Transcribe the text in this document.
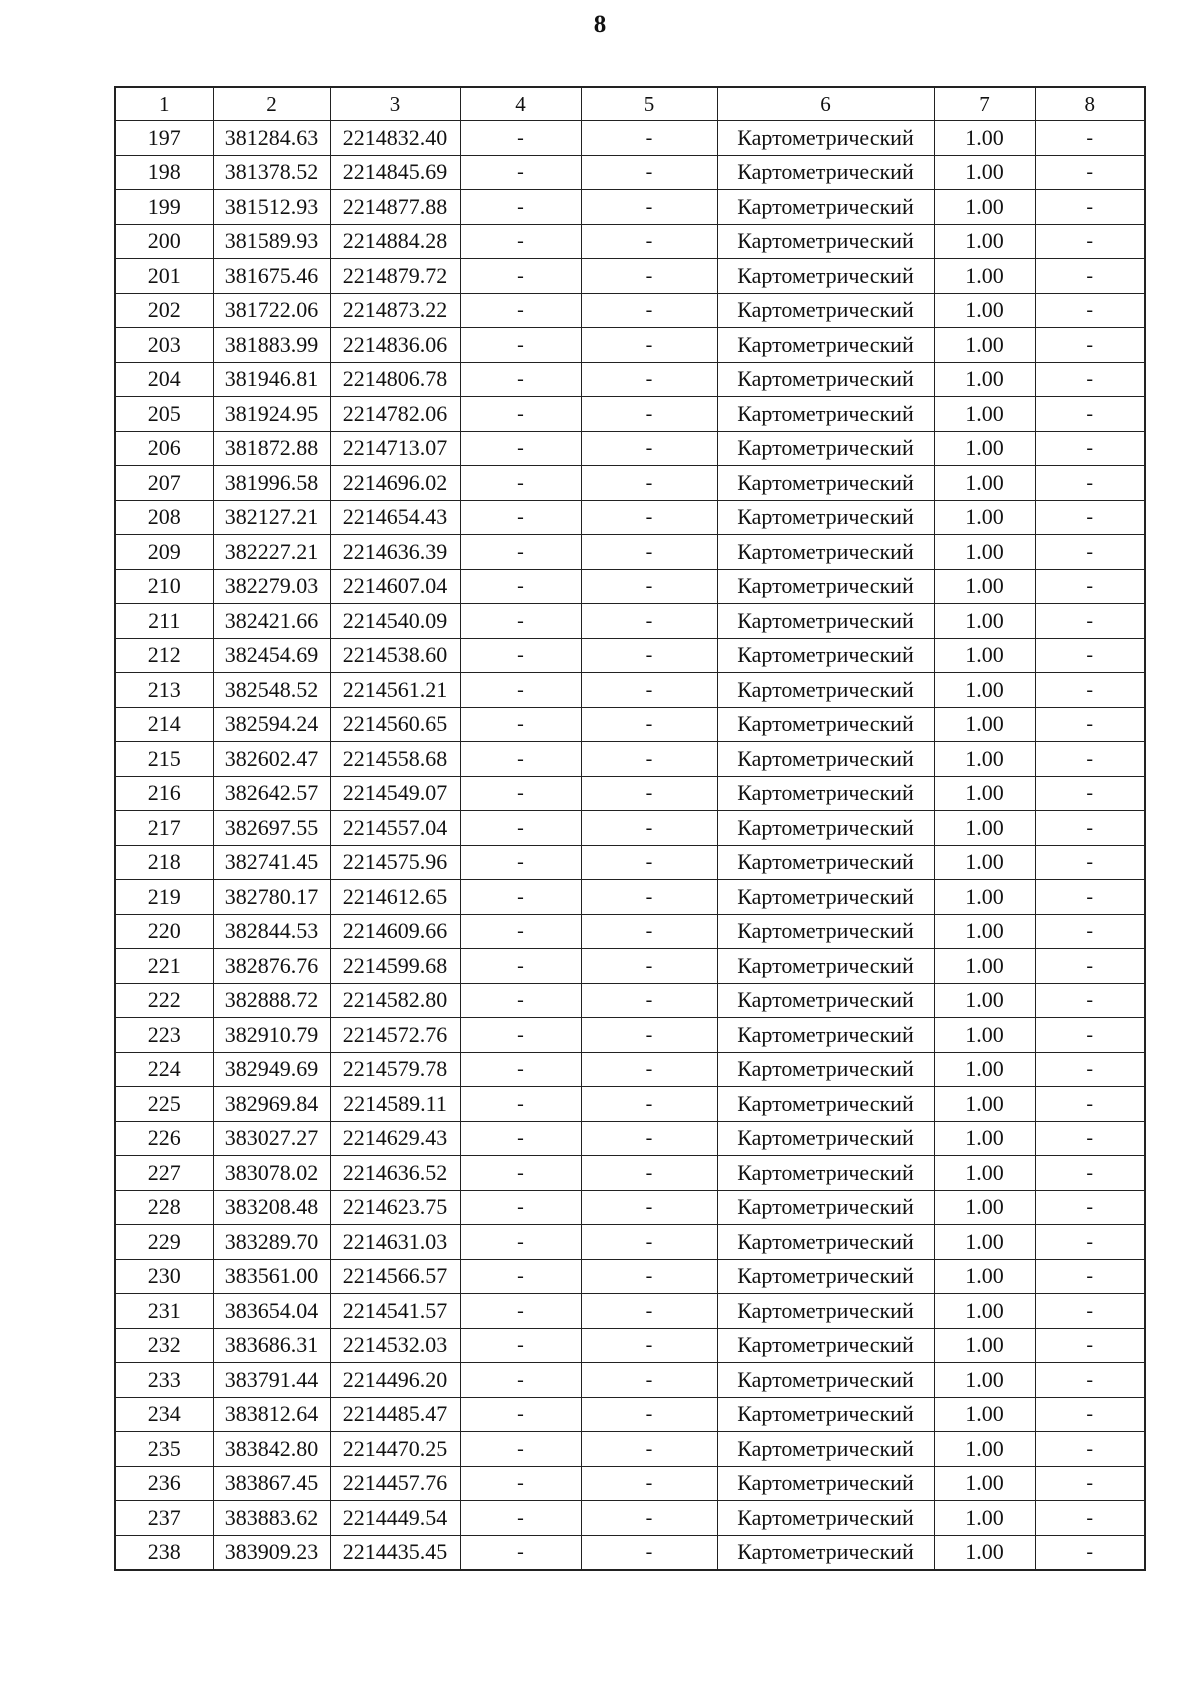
8
1	2	3	4	5	6	7	8
197	381284.63	2214832.40	-	-	Картометрический	1.00	-
198	381378.52	2214845.69	-	-	Картометрический	1.00	-
199	381512.93	2214877.88	-	-	Картометрический	1.00	-
200	381589.93	2214884.28	-	-	Картометрический	1.00	-
201	381675.46	2214879.72	-	-	Картометрический	1.00	-
202	381722.06	2214873.22	-	-	Картометрический	1.00	-
203	381883.99	2214836.06	-	-	Картометрический	1.00	-
204	381946.81	2214806.78	-	-	Картометрический	1.00	-
205	381924.95	2214782.06	-	-	Картометрический	1.00	-
206	381872.88	2214713.07	-	-	Картометрический	1.00	-
207	381996.58	2214696.02	-	-	Картометрический	1.00	-
208	382127.21	2214654.43	-	-	Картометрический	1.00	-
209	382227.21	2214636.39	-	-	Картометрический	1.00	-
210	382279.03	2214607.04	-	-	Картометрический	1.00	-
211	382421.66	2214540.09	-	-	Картометрический	1.00	-
212	382454.69	2214538.60	-	-	Картометрический	1.00	-
213	382548.52	2214561.21	-	-	Картометрический	1.00	-
214	382594.24	2214560.65	-	-	Картометрический	1.00	-
215	382602.47	2214558.68	-	-	Картометрический	1.00	-
216	382642.57	2214549.07	-	-	Картометрический	1.00	-
217	382697.55	2214557.04	-	-	Картометрический	1.00	-
218	382741.45	2214575.96	-	-	Картометрический	1.00	-
219	382780.17	2214612.65	-	-	Картометрический	1.00	-
220	382844.53	2214609.66	-	-	Картометрический	1.00	-
221	382876.76	2214599.68	-	-	Картометрический	1.00	-
222	382888.72	2214582.80	-	-	Картометрический	1.00	-
223	382910.79	2214572.76	-	-	Картометрический	1.00	-
224	382949.69	2214579.78	-	-	Картометрический	1.00	-
225	382969.84	2214589.11	-	-	Картометрический	1.00	-
226	383027.27	2214629.43	-	-	Картометрический	1.00	-
227	383078.02	2214636.52	-	-	Картометрический	1.00	-
228	383208.48	2214623.75	-	-	Картометрический	1.00	-
229	383289.70	2214631.03	-	-	Картометрический	1.00	-
230	383561.00	2214566.57	-	-	Картометрический	1.00	-
231	383654.04	2214541.57	-	-	Картометрический	1.00	-
232	383686.31	2214532.03	-	-	Картометрический	1.00	-
233	383791.44	2214496.20	-	-	Картометрический	1.00	-
234	383812.64	2214485.47	-	-	Картометрический	1.00	-
235	383842.80	2214470.25	-	-	Картометрический	1.00	-
236	383867.45	2214457.76	-	-	Картометрический	1.00	-
237	383883.62	2214449.54	-	-	Картометрический	1.00	-
238	383909.23	2214435.45	-	-	Картометрический	1.00	-
